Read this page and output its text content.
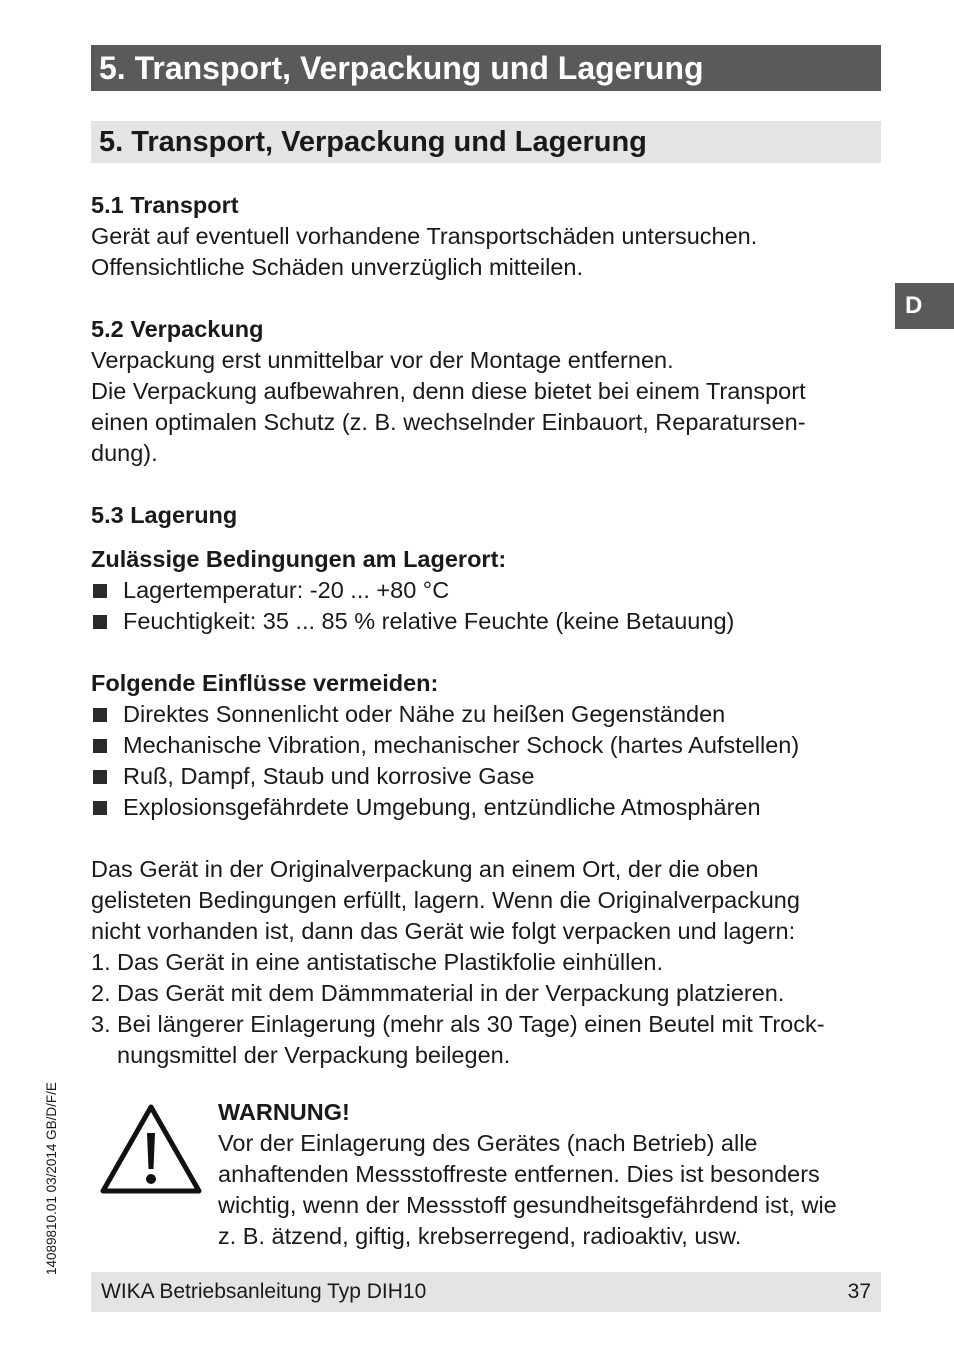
5. Transport, Verpackung und Lagerung
5. Transport, Verpackung und Lagerung
D

5.1 Transport

Gerät auf eventuell vorhandene Transportschäden untersuchen.

Offensichtliche Schäden unverzüglich mitteilen.

5.2 Verpackung

Verpackung erst unmittelbar vor der Montage entfernen.

Die Verpackung aufbewahren, denn diese bietet bei einem Transport

einen optimalen Schutz (z. B. wechselnder Einbauort, Reparatursen-

dung).

5.3 Lagerung

Zulässige Bedingungen am Lagerort:

Lagertemperatur: -20 ... +80 °C

Feuchtigkeit: 35 ... 85 % relative Feuchte (keine Betauung)

Folgende Einflüsse vermeiden:

Direktes Sonnenlicht oder Nähe zu heißen Gegenständen

Mechanische Vibration, mechanischer Schock (hartes Aufstellen)

Ruß, Dampf, Staub und korrosive Gase

Explosionsgefährdete Umgebung, entzündliche Atmosphären

Das Gerät in der Originalverpackung an einem Ort, der die oben

gelisteten Bedingungen erfüllt, lagern. Wenn die Originalverpackung

nicht vorhanden ist, dann das Gerät wie folgt verpacken und lagern:

1. Das Gerät in eine antistatische Plastikfolie einhüllen.

2. Das Gerät mit dem Dämmmaterial in der Verpackung platzieren.

3. Bei längerer Einlagerung (mehr als 30 Tage) einen Beutel mit Trock-

nungsmittel der Verpackung beilegen.

WARNUNG!

Vor der Einlagerung des Gerätes (nach Betrieb) alle

anhaftenden Messstoffreste entfernen. Dies ist besonders

wichtig, wenn der Messstoff gesundheitsgefährdend ist, wie

z. B. ätzend, giftig, krebserregend, radioaktiv, usw.

14089810.01 03/2014 GB/D/F/E
WIKA Betriebsanleitung Typ DIH10	37
